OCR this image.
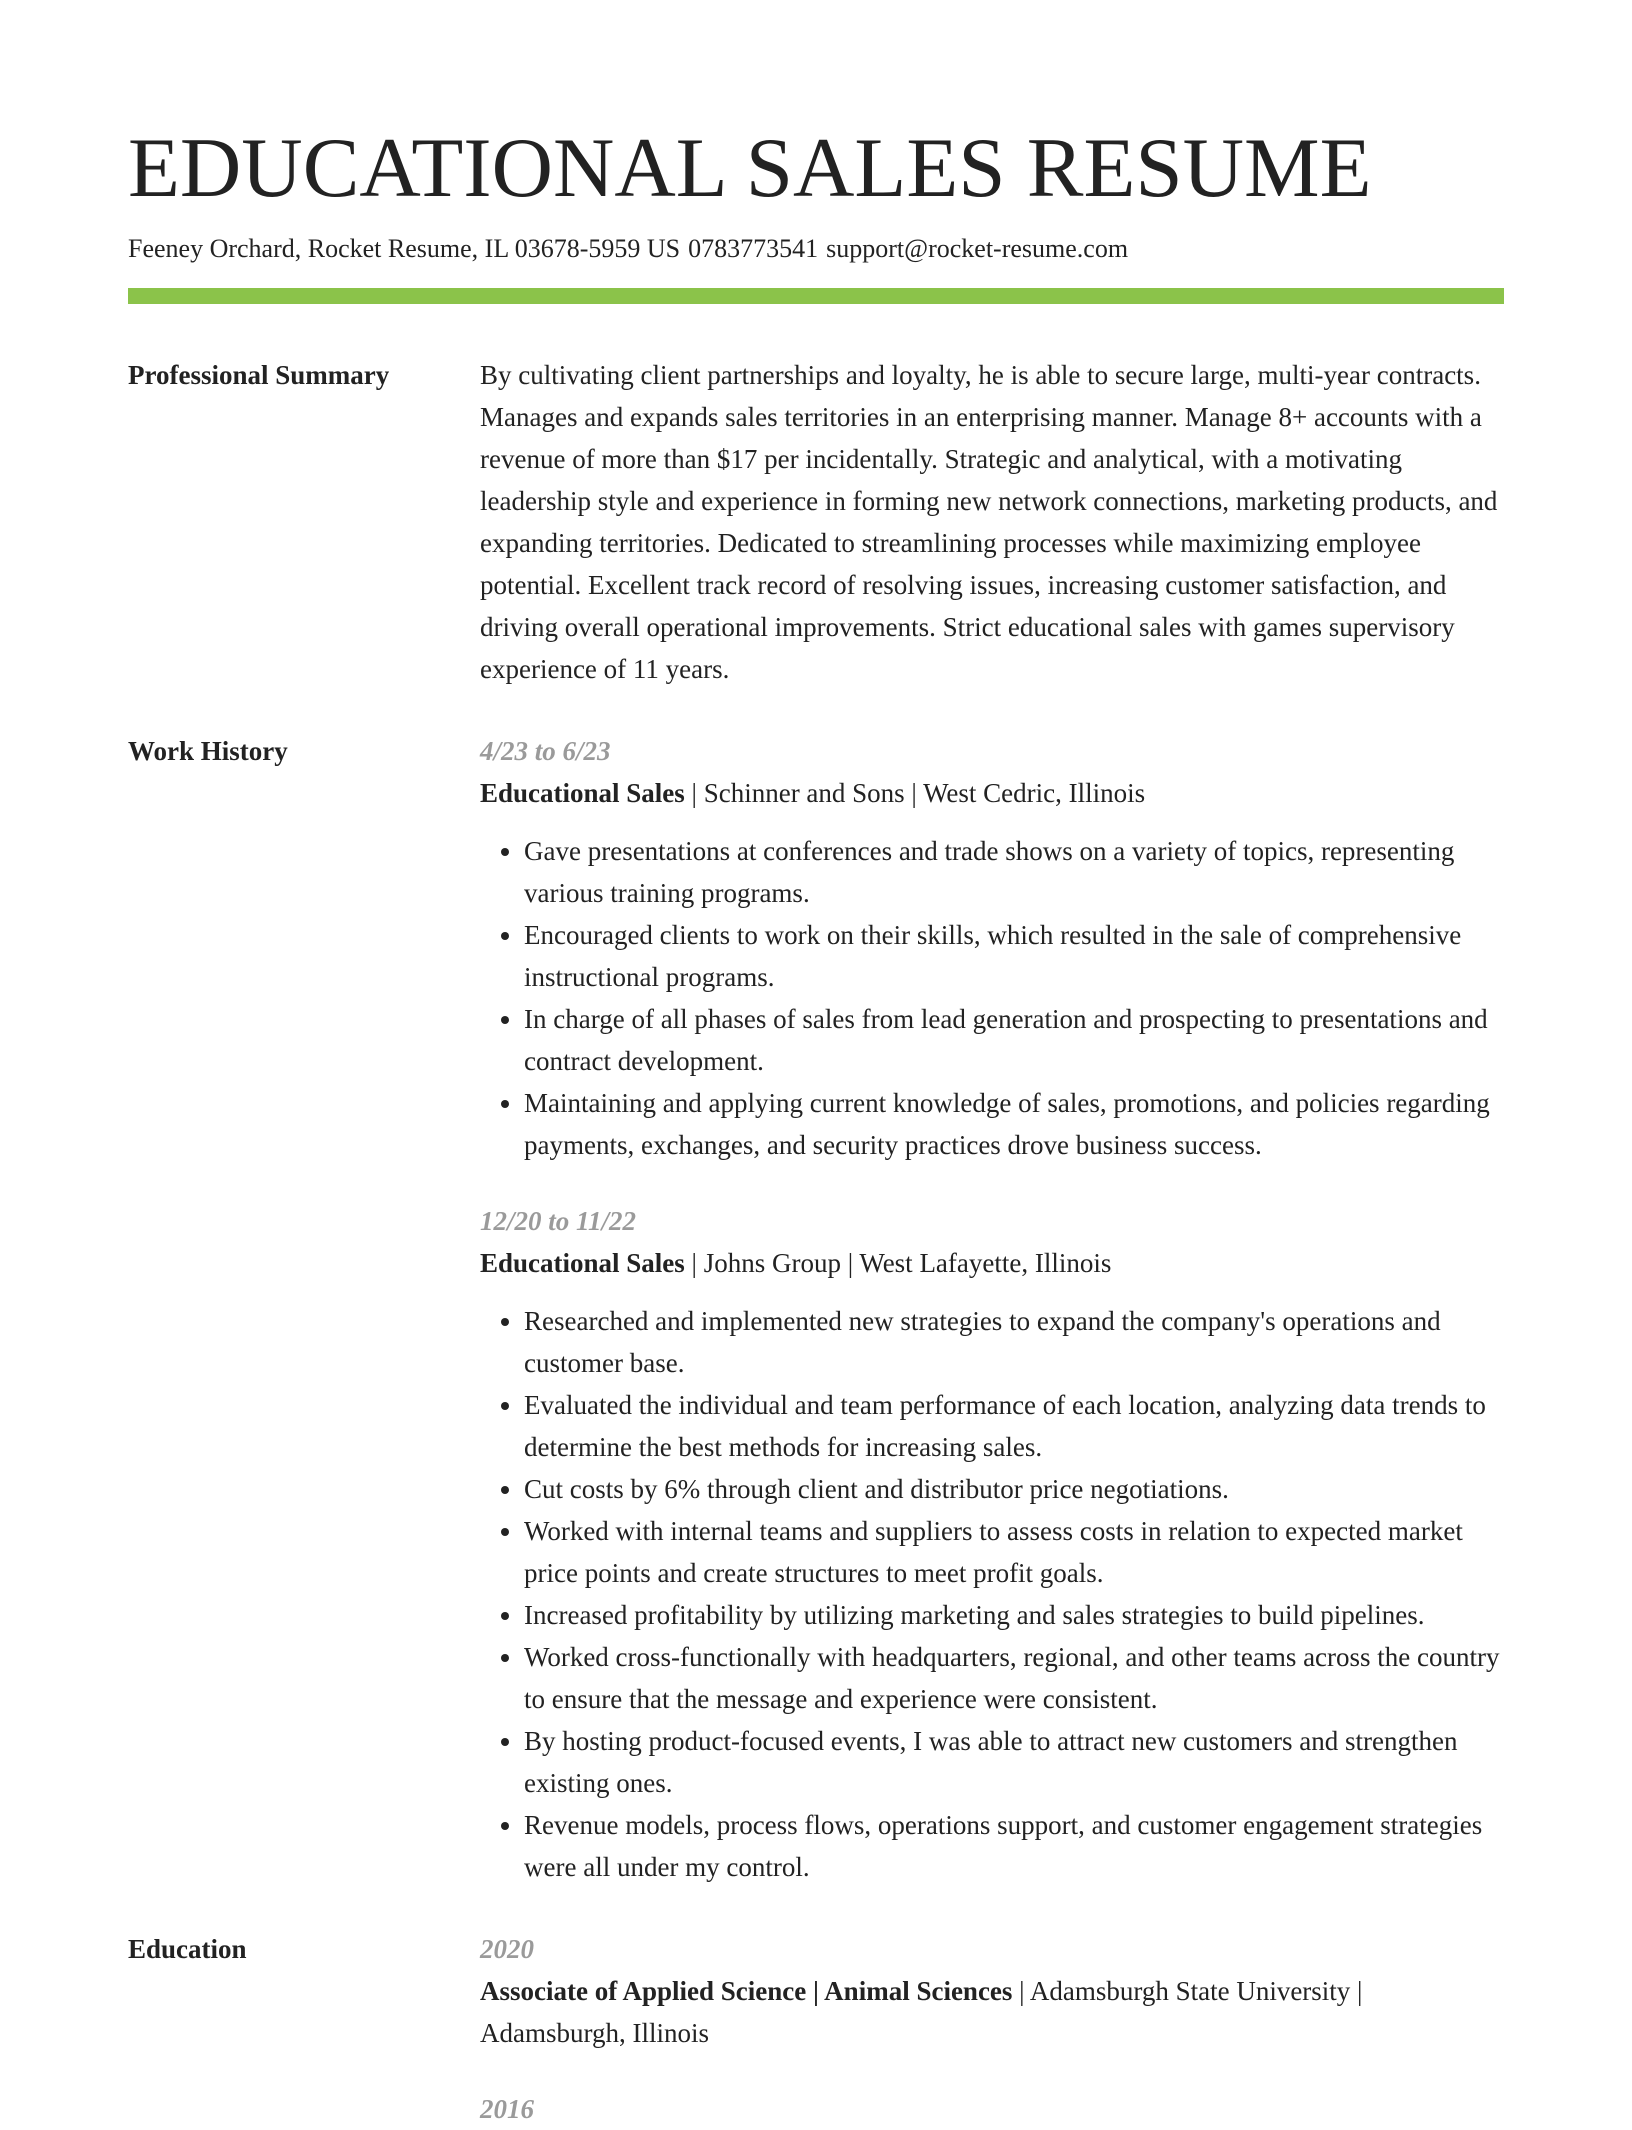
EDUCATIONAL SALES RESUME
Feeney Orchard, Rocket Resume, IL 03678-5959 US 0783773541 support@rocket-resume.com
Professional Summary	By cultivating client partnerships and loyalty, he is able to secure large, multi-year contracts. Manages and expands sales territories in an enterprising manner. Manage 8+ accounts with a revenue of more than $17 per incidentally. Strategic and analytical, with a motivating leadership style and experience in forming new network connections, marketing products, and expanding territories. Dedicated to streamlining processes while maximizing employee potential. Excellent track record of resolving issues, increasing customer satisfaction, and driving overall operational improvements. Strict educational sales with games supervisory experience of 11 years.

Work History	4/23 to 6/23
Educational Sales | Schinner and Sons | West Cedric, Illinois
• Gave presentations at conferences and trade shows on a variety of topics, representing various training programs.
• Encouraged clients to work on their skills, which resulted in the sale of comprehensive instructional programs.
• In charge of all phases of sales from lead generation and prospecting to presentations and contract development.
• Maintaining and applying current knowledge of sales, promotions, and policies regarding payments, exchanges, and security practices drove business success.
12/20 to 11/22
Educational Sales | Johns Group | West Lafayette, Illinois
• Researched and implemented new strategies to expand the company's operations and customer base.
• Evaluated the individual and team performance of each location, analyzing data trends to determine the best methods for increasing sales.
• Cut costs by 6% through client and distributor price negotiations.
• Worked with internal teams and suppliers to assess costs in relation to expected market price points and create structures to meet profit goals.
• Increased profitability by utilizing marketing and sales strategies to build pipelines.
• Worked cross-functionally with headquarters, regional, and other teams across the country to ensure that the message and experience were consistent.
• By hosting product-focused events, I was able to attract new customers and strengthen existing ones.
• Revenue models, process flows, operations support, and customer engagement strategies were all under my control.
Education	2020
Associate of Applied Science | Animal Sciences | Adamsburgh State University | Adamsburgh, Illinois
2016
